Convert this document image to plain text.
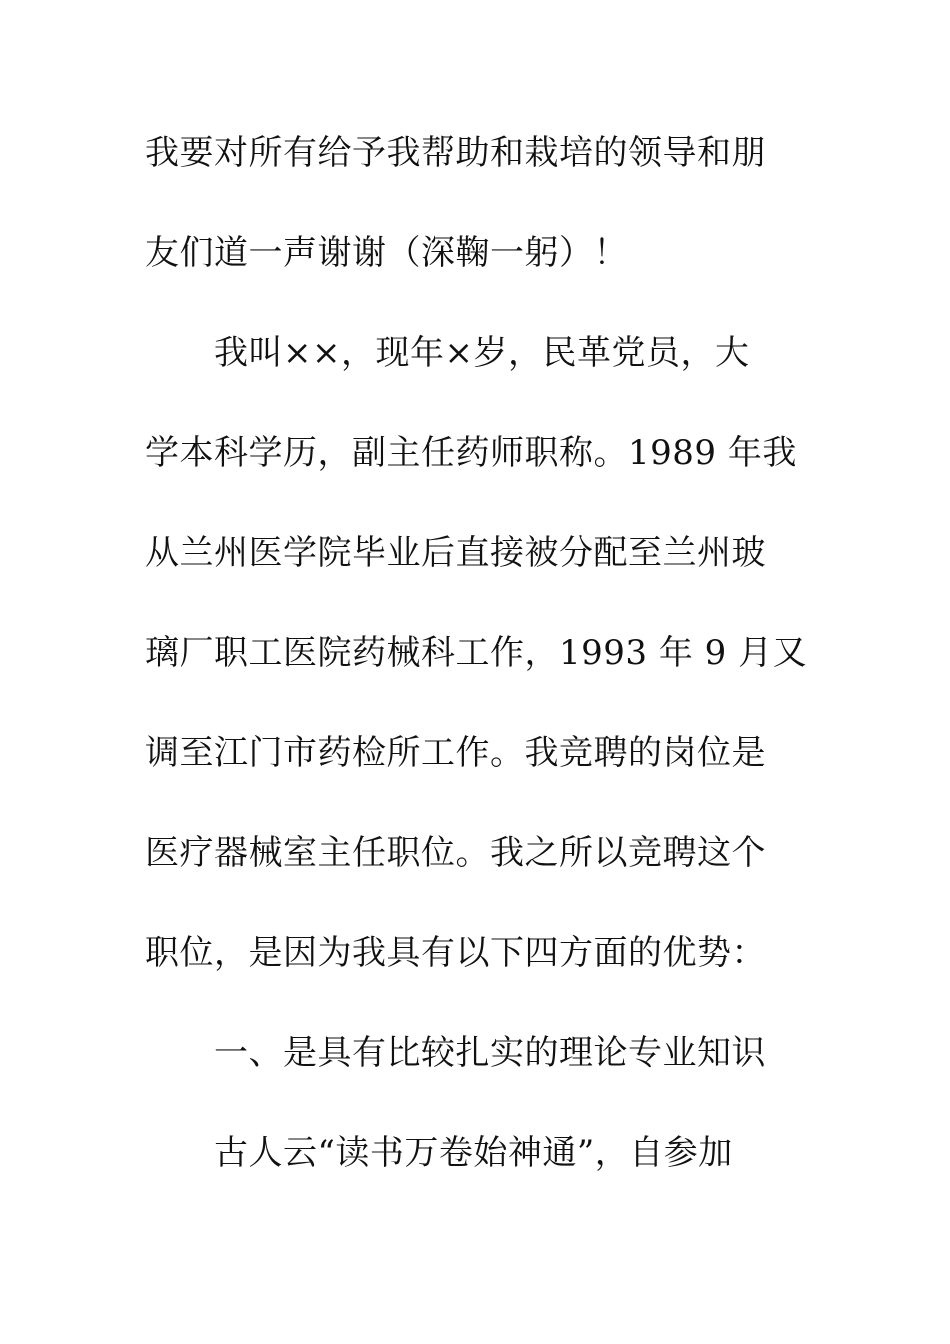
我要对所有给予我帮助和栽培的领导和朋
友们道一声谢谢（深鞠一躬）！
我叫××，现年×岁，民革党员，大
学本科学历，副主任药师职称。1989 年我
从兰州医学院毕业后直接被分配至兰州玻
璃厂职工医院药械科工作，1993 年 9 月又
调至江门市药检所工作。我竞聘的岗位是
医疗器械室主任职位。我之所以竞聘这个
职位，是因为我具有以下四方面的优势：
一、是具有比较扎实的理论专业知识
古人云“读书万卷始神通”，自参加
